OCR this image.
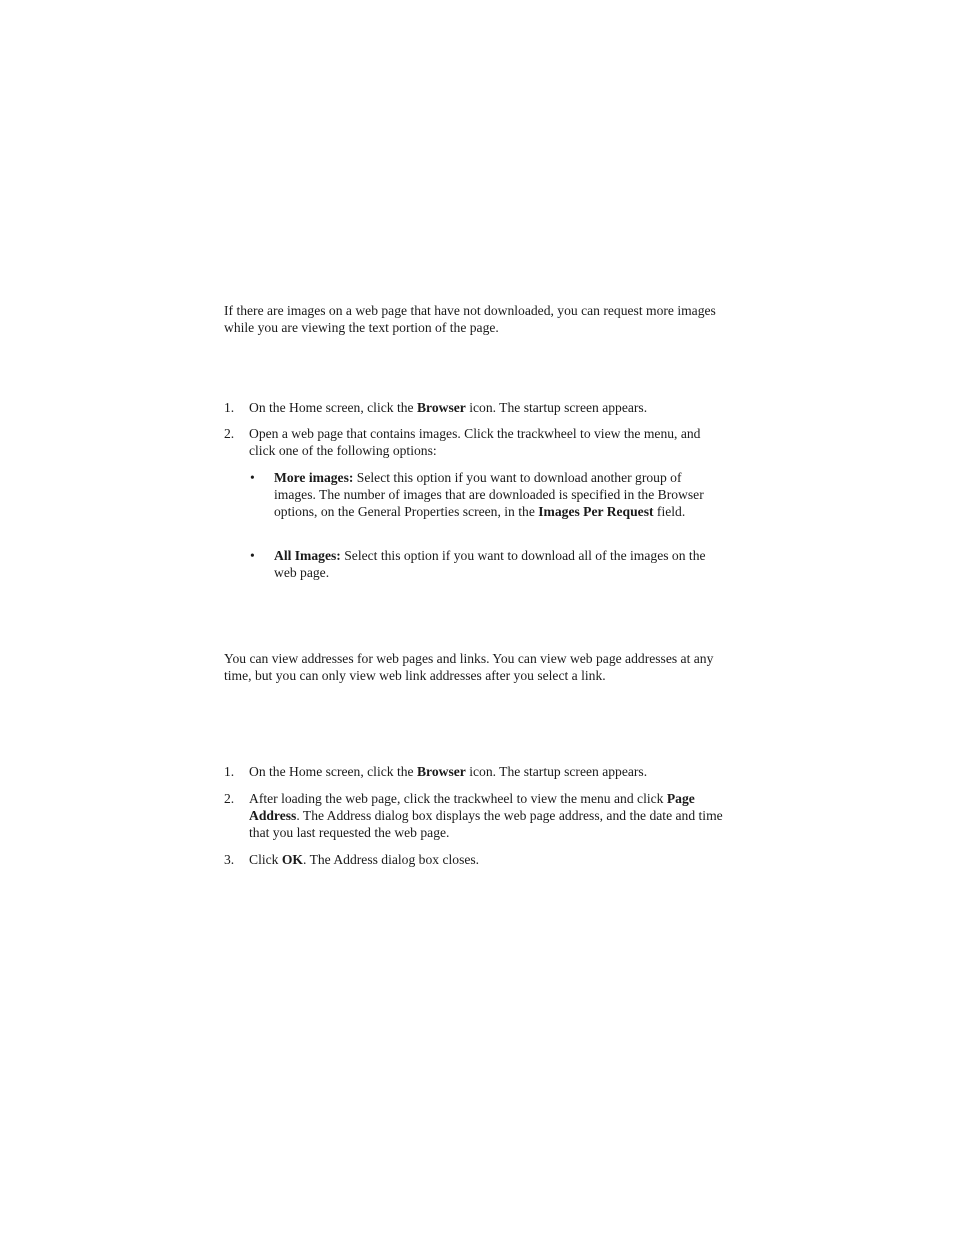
If there are images on a web page that have not downloaded, you can request more images while you are viewing the text portion of the page.

1. On the Home screen, click the Browser icon. The startup screen appears.
2. Open a web page that contains images. Click the trackwheel to view the menu, and click one of the following options:
• More images: Select this option if you want to download another group of images. The number of images that are downloaded is specified in the Browser options, on the General Properties screen, in the Images Per Request field.
• All Images: Select this option if you want to download all of the images on the web page.

You can view addresses for web pages and links. You can view web page addresses at any time, but you can only view web link addresses after you select a link.

1. On the Home screen, click the Browser icon. The startup screen appears.
2. After loading the web page, click the trackwheel to view the menu and click Page Address. The Address dialog box displays the web page address, and the date and time that you last requested the web page.
3. Click OK. The Address dialog box closes.
